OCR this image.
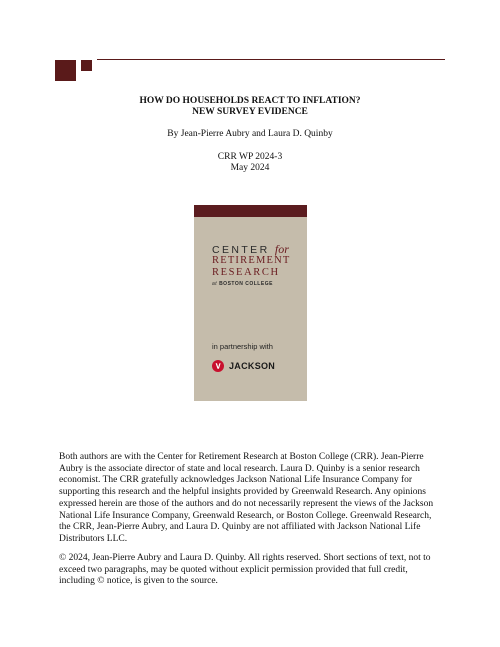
HOW DO HOUSEHOLDS REACT TO INFLATION?
NEW SURVEY EVIDENCE
By Jean-Pierre Aubry and Laura D. Quinby
CRR WP 2024-3
May 2024
CENTER for
RETIREMENT
RESEARCH
at BOSTON COLLEGE
in partnership with
JACKSON

Both authors are with the Center for Retirement Research at Boston College (CRR). Jean-Pierre Aubry is the associate director of state and local research. Laura D. Quinby is a senior research economist. The CRR gratefully acknowledges Jackson National Life Insurance Company for supporting this research and the helpful insights provided by Greenwald Research. Any opinions expressed herein are those of the authors and do not necessarily represent the views of the Jackson National Life Insurance Company, Greenwald Research, or Boston College. Greenwald Research, the CRR, Jean-Pierre Aubry, and Laura D. Quinby are not affiliated with Jackson National Life Distributors LLC.

© 2024, Jean-Pierre Aubry and Laura D. Quinby. All rights reserved. Short sections of text, not to exceed two paragraphs, may be quoted without explicit permission provided that full credit, including © notice, is given to the source.
